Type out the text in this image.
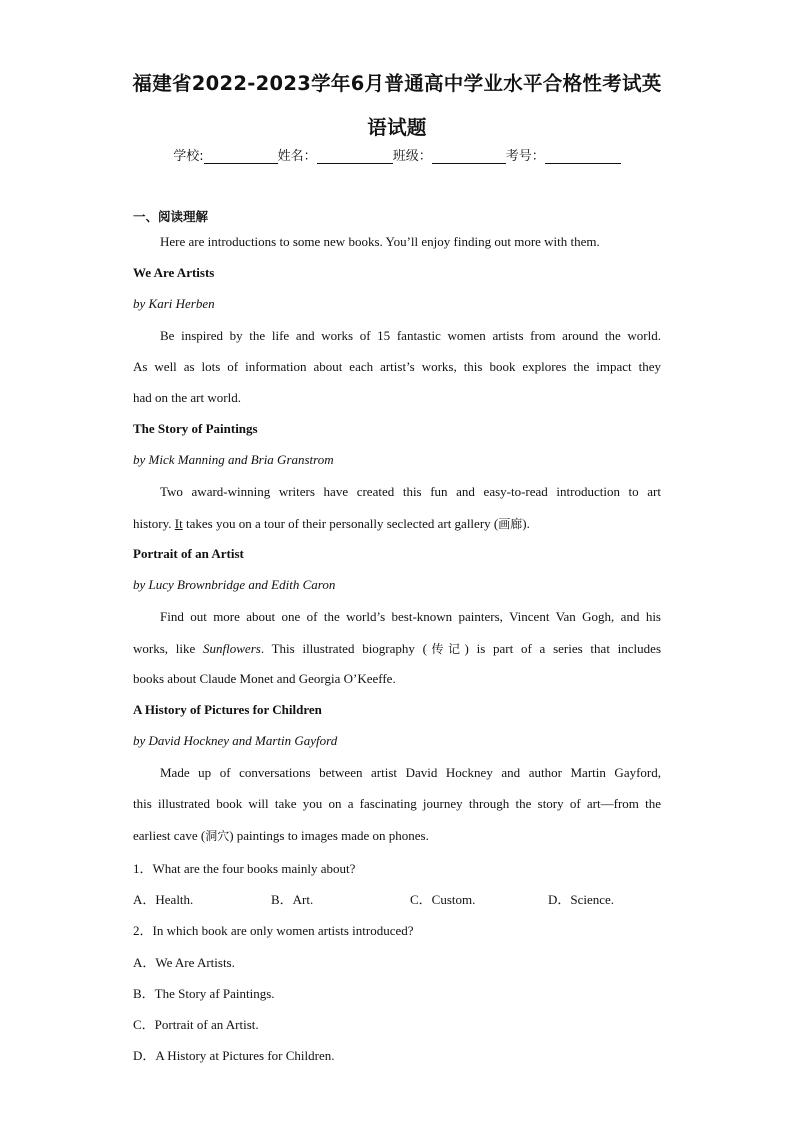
福建省2022-2023学年6月普通高中学业水平合格性考试英
语试题
学校:	姓名：	班级：	考号：
一、阅读理解
Here are introductions to some new books. You’ll enjoy finding out more with them.
We Are Artists
by Kari Herben
Be inspired by the life and works of 15 fantastic women artists from around the world.
As well as lots of information about each artist’s works, this book explores the impact they
had on the art world.
The Story of Paintings
by Mick Manning and Bria Granstrom
Two award-winning writers have created this fun and easy-to-read introduction to art
history. It takes you on a tour of their personally seclected art gallery (画廊).
Portrait of an Artist
by Lucy Brownbridge and Edith Caron
Find out more about one of the world’s best-known painters, Vincent Van Gogh, and his
works, like Sunflowers. This illustrated biography (传记) is part of a series that includes
books about Claude Monet and Georgia O’Keeffe.
A History of Pictures for Children
by David Hockney and Martin Gayford
Made up of conversations between artist David Hockney and author Martin Gayford,
this illustrated book will take you on a fascinating journey through the story of art—from the
earliest cave (洞穴) paintings to images made on phones.
1．What are the four books mainly about?
A．Health.	B．Art.	C．Custom.	D．Science.
2．In which book are only women artists introduced?
A．We Are Artists.
B．The Story af Paintings.
C．Portrait of an Artist.
D．A History at Pictures for Children.
